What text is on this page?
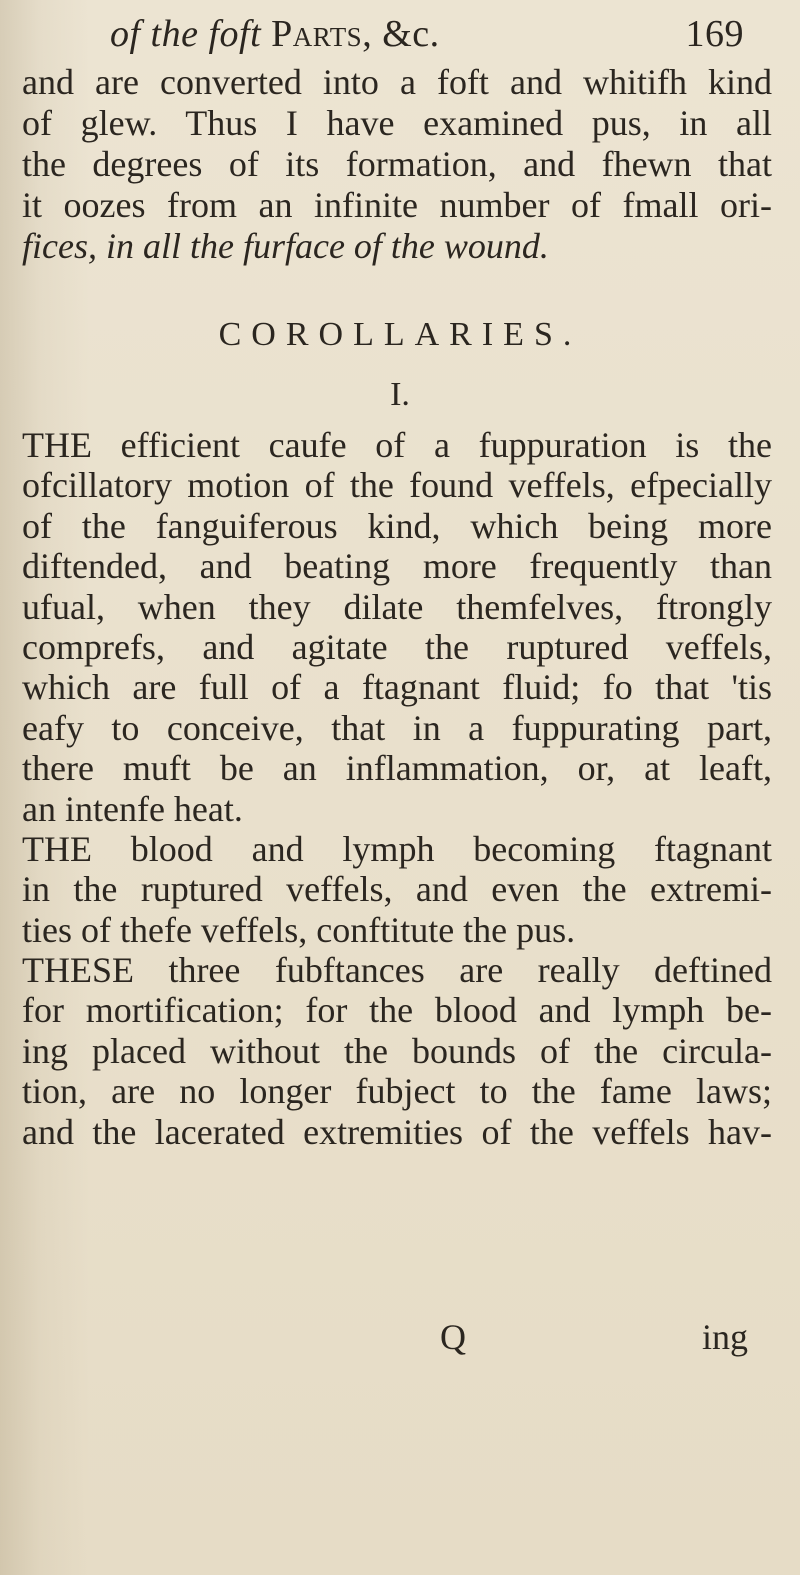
of the foft Parts, &c.	169
and are converted into a foft and whitifh kind
of glew. Thus I have examined pus, in all
the degrees of its formation, and fhewn that
it oozes from an infinite number of fmall ori-
fices, in all the furface of the wound.
COROLLARIES.
I.
THE efficient caufe of a fuppuration is the
ofcillatory motion of the found veffels, efpecially
of the fanguiferous kind, which being more
diftended, and beating more frequently than
ufual, when they dilate themfelves, ftrongly
comprefs, and agitate the ruptured veffels,
which are full of a ftagnant fluid; fo that 'tis
eafy to conceive, that in a fuppurating part,
there muft be an inflammation, or, at leaft,
an intenfe heat.
THE blood and lymph becoming ftagnant
in the ruptured veffels, and even the extremi-
ties of thefe veffels, conftitute the pus.
THESE three fubftances are really deftined
for mortification; for the blood and lymph be-
ing placed without the bounds of the circula-
tion, are no longer fubject to the fame laws;
and the lacerated extremities of the veffels hav-
Q	ing
